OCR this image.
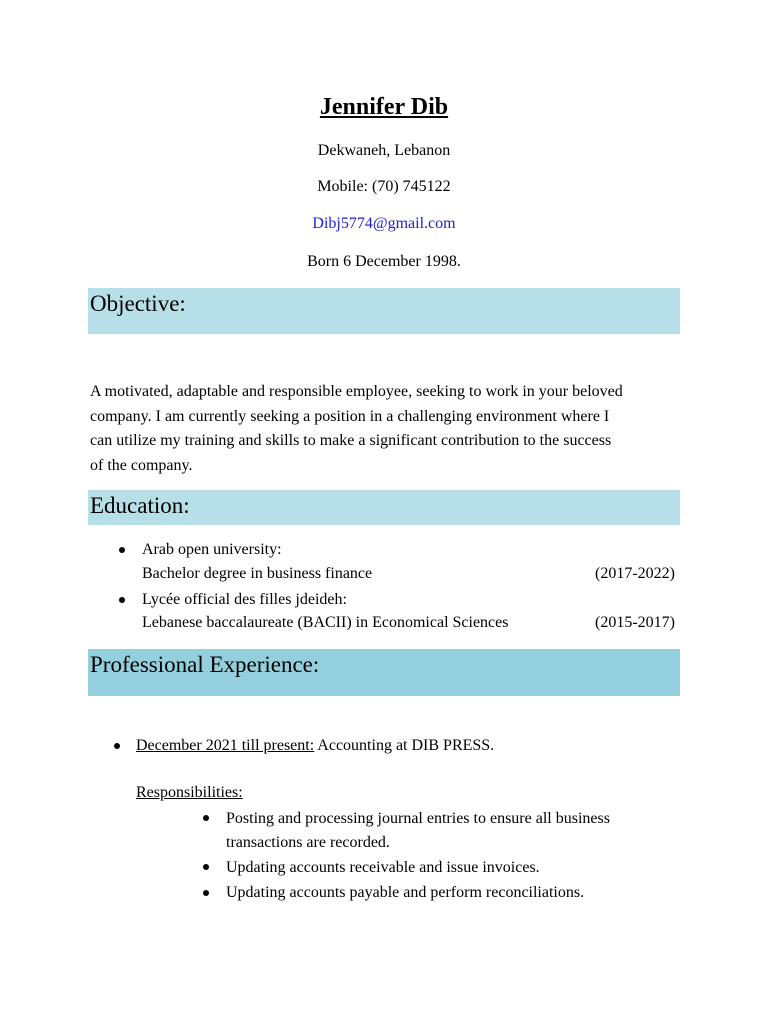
Jennifer Dib
Dekwaneh, Lebanon
Mobile: (70) 745122
Dibj5774@gmail.com
Born 6 December 1998.
Objective:
A motivated, adaptable and responsible employee, seeking to work in your beloved
company. I am currently seeking a position in a challenging environment where I
can utilize my training and skills to make a significant contribution to the success
of the company.
Education:
Arab open university:
Bachelor degree in business finance	(2017-2022)
Lycée official des filles jdeideh:
Lebanese baccalaureate (BACII) in Economical Sciences	(2015-2017)
Professional Experience:
December 2021 till present: Accounting at DIB PRESS.
Responsibilities:
Posting and processing journal entries to ensure all business
transactions are recorded.
Updating accounts receivable and issue invoices.
Updating accounts payable and perform reconciliations.
